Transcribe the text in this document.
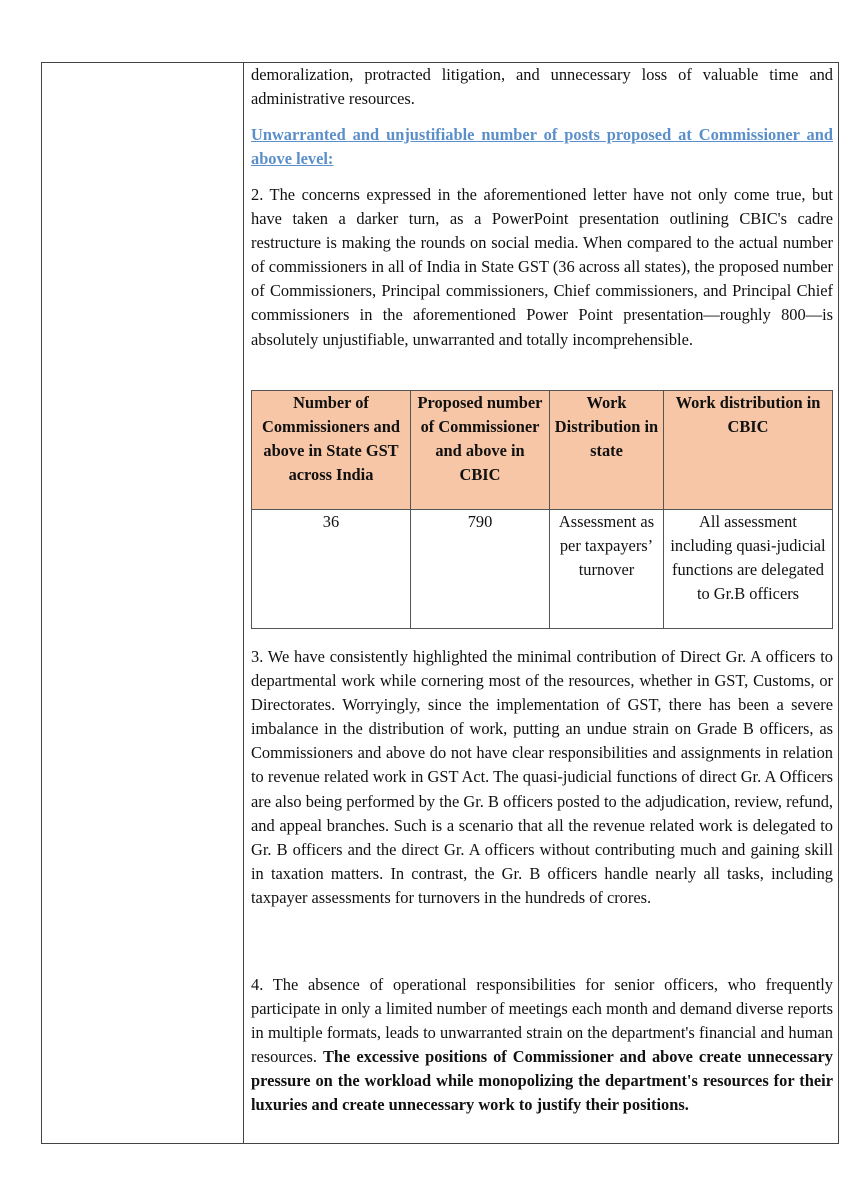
demoralization, protracted litigation, and unnecessary loss of valuable time and administrative resources.

Unwarranted and unjustifiable number of posts proposed at Commissioner and above level:

2. The concerns expressed in the aforementioned letter have not only come true, but have taken a darker turn, as a PowerPoint presentation outlining CBIC's cadre restructure is making the rounds on social media. When compared to the actual number of commissioners in all of India in State GST (36 across all states), the proposed number of Commissioners, Principal commissioners, Chief commissioners, and Principal Chief commissioners in the aforementioned Power Point presentation—roughly 800—is absolutely unjustifiable, unwarranted and totally incomprehensible.

Number of Commissioners and above in State GST across India	Proposed number of Commissioner and above in CBIC	Work Distribution in state	Work distribution in CBIC
36	790	Assessment as per taxpayers’ turnover	All assessment including quasi-judicial functions are delegated to Gr.B officers

3. We have consistently highlighted the minimal contribution of Direct Gr. A officers to departmental work while cornering most of the resources, whether in GST, Customs, or Directorates. Worryingly, since the implementation of GST, there has been a severe imbalance in the distribution of work, putting an undue strain on Grade B officers, as Commissioners and above do not have clear responsibilities and assignments in relation to revenue related work in GST Act. The quasi-judicial functions of direct Gr. A Officers are also being performed by the Gr. B officers posted to the adjudication, review, refund, and appeal branches. Such is a scenario that all the revenue related work is delegated to Gr. B officers and the direct Gr. A officers without contributing much and gaining skill in taxation matters. In contrast, the Gr. B officers handle nearly all tasks, including taxpayer assessments for turnovers in the hundreds of crores.

4. The absence of operational responsibilities for senior officers, who frequently participate in only a limited number of meetings each month and demand diverse reports in multiple formats, leads to unwarranted strain on the department's financial and human resources. The excessive positions of Commissioner and above create unnecessary pressure on the workload while monopolizing the department's resources for their luxuries and create unnecessary work to justify their positions.
